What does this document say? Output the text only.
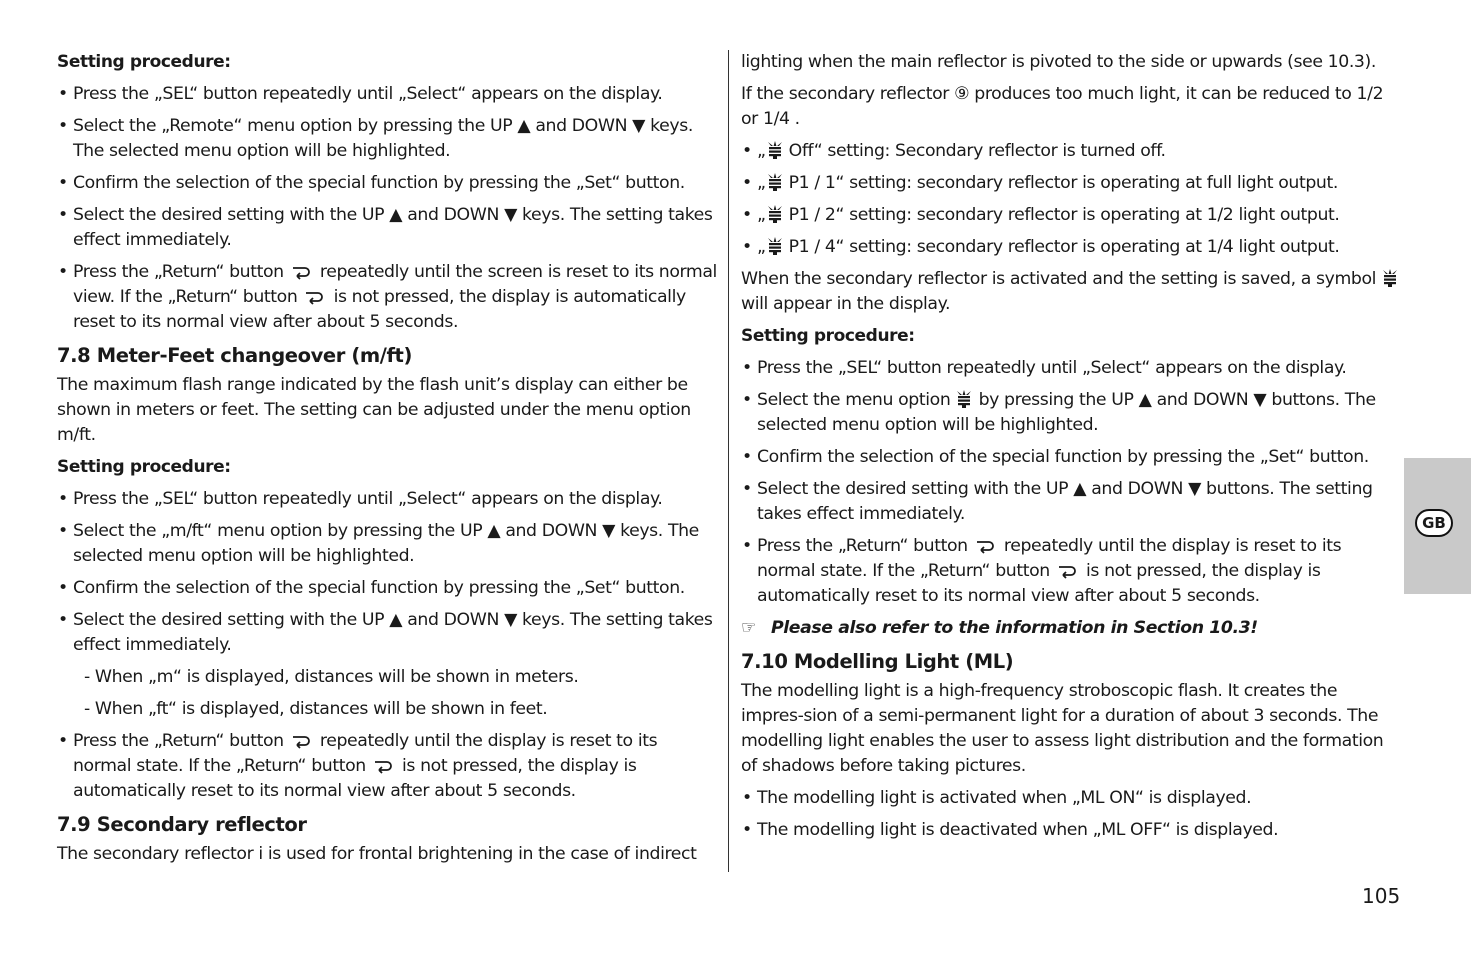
Setting procedure:
• Press the „SEL“ button repeatedly until „Select“ appears on the display.
• Select the „Remote“ menu option by pressing the UP ▲ and DOWN ▼ keys. The selected menu option will be highlighted.
• Confirm the selection of the special function by pressing the „Set“ button.
• Select the desired setting with the UP ▲ and DOWN ▼ keys. The setting takes effect immediately.
• Press the „Return“ button repeatedly until the screen is reset to its normal view. If the „Return“ button is not pressed, the display is automatically reset to its normal view after about 5 seconds.
7.8 Meter-Feet changeover (m/ft)

The maximum flash range indicated by the flash unit’s display can either be shown in meters or feet. The setting can be adjusted under the menu option m/ft.

Setting procedure:
• Press the „SEL“ button repeatedly until „Select“ appears on the display.
• Select the „m/ft“ menu option by pressing the UP ▲ and DOWN ▼ keys. The selected menu option will be highlighted.
• Confirm the selection of the special function by pressing the „Set“ button.
• Select the desired setting with the UP ▲ and DOWN ▼ keys. The setting takes effect immediately.
- When „m“ is displayed, distances will be shown in meters.
- When „ft“ is displayed, distances will be shown in feet.
• Press the „Return“ button repeatedly until the display is reset to its normal state. If the „Return“ button is not pressed, the display is automatically reset to its normal view after about 5 seconds.
7.9 Secondary reflector

The secondary reflector i is used for frontal brightening in the case of indirect

lighting when the main reflector is pivoted to the side or upwards (see 10.3).

If the secondary reflector ⑨ produces too much light, it can be reduced to 1/2 or 1/4 .

• „ Off“ setting: Secondary reflector is turned off.
• „ P1 / 1“ setting: secondary reflector is operating at full light output.
• „ P1 / 2“ setting: secondary reflector is operating at 1/2 light output.
• „ P1 / 4“ setting: secondary reflector is operating at 1/4 light output.

When the secondary reflector is activated and the setting is saved, a symbol  will appear in the display.

Setting procedure:
• Press the „SEL“ button repeatedly until „Select“ appears on the display.
• Select the menu option by pressing the UP ▲ and DOWN ▼ buttons. The selected menu option will be highlighted.
• Confirm the selection of the special function by pressing the „Set“ button.
• Select the desired setting with the UP ▲ and DOWN ▼ buttons. The setting takes effect immediately.
• Press the „Return“ button repeatedly until the display is reset to its normal state. If the „Return“ button is not pressed, the display is automatically reset to its normal view after about 5 seconds.
☞ Please also refer to the information in Section 10.3!
7.10 Modelling Light (ML)

The modelling light is a high-frequency stroboscopic flash. It creates the impres-sion of a semi-permanent light for a duration of about 3 seconds. The modelling light enables the user to assess light distribution and the formation of shadows before taking pictures.

• The modelling light is activated when „ML ON“ is displayed.
• The modelling light is deactivated when „ML OFF“ is displayed.
GB
105
